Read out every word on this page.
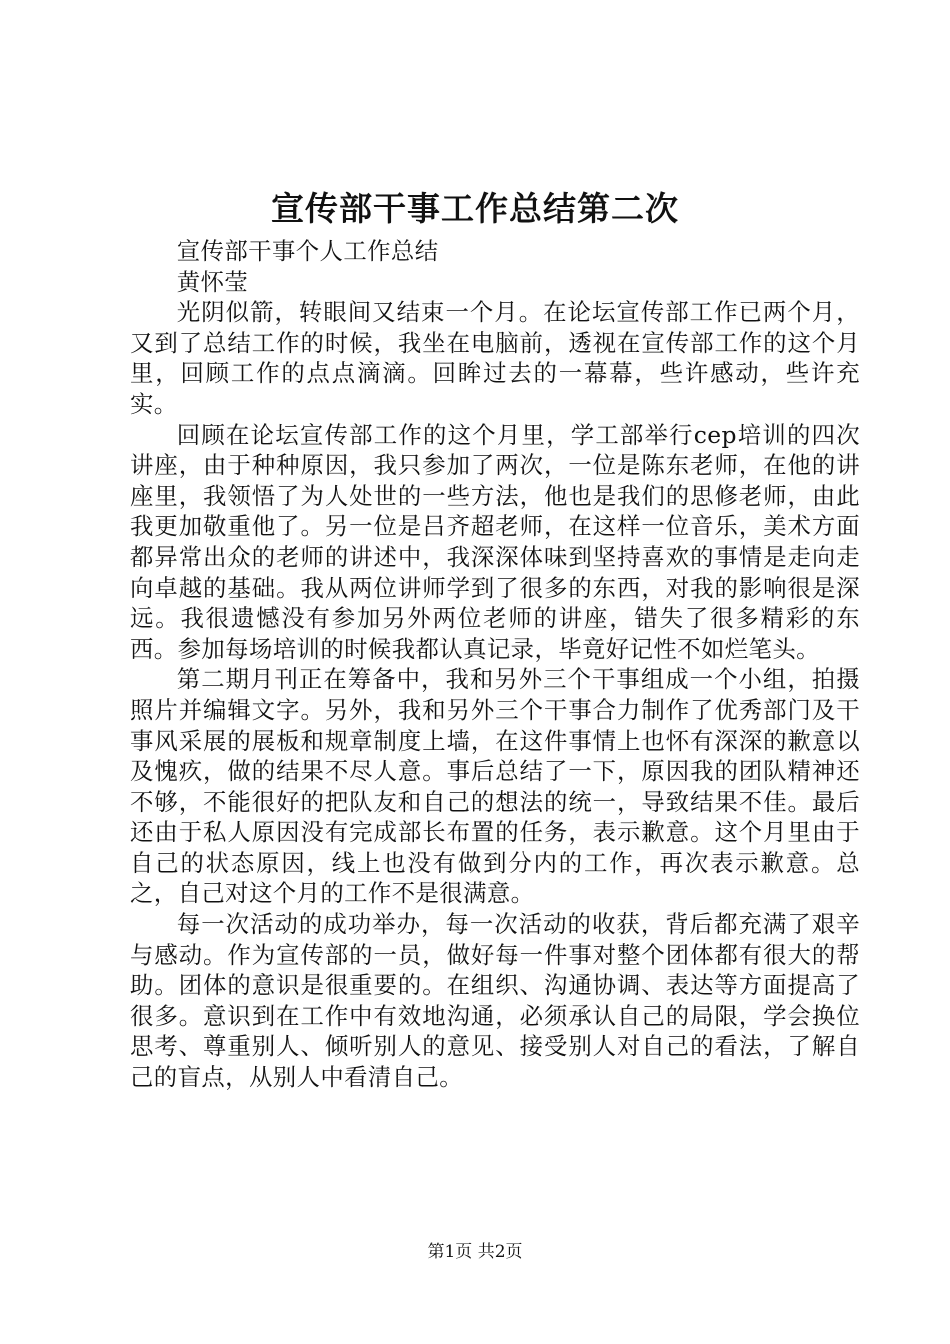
宣传部干事工作总结第二次

宣传部干事个人工作总结

黄怀莹

光阴似箭，转眼间又结束一个月。在论坛宣传部工作已两个月，又到了总结工作的时候，我坐在电脑前，透视在宣传部工作的这个月里，回顾工作的点点滴滴。回眸过去的一幕幕，些许感动，些许充实。

回顾在论坛宣传部工作的这个月里，学工部举行cep培训的四次讲座，由于种种原因，我只参加了两次，一位是陈东老师，在他的讲座里，我领悟了为人处世的一些方法，他也是我们的思修老师，由此我更加敬重他了。另一位是吕齐超老师，在这样一位音乐，美术方面都异常出众的老师的讲述中，我深深体味到坚持喜欢的事情是走向走向卓越的基础。我从两位讲师学到了很多的东西，对我的影响很是深远。我很遗憾没有参加另外两位老师的讲座，错失了很多精彩的东西。参加每场培训的时候我都认真记录，毕竟好记性不如烂笔头。

第二期月刊正在筹备中，我和另外三个干事组成一个小组，拍摄照片并编辑文字。另外，我和另外三个干事合力制作了优秀部门及干事风采展的展板和规章制度上墙，在这件事情上也怀有深深的歉意以及愧疚，做的结果不尽人意。事后总结了一下，原因我的团队精神还不够，不能很好的把队友和自己的想法的统一，导致结果不佳。最后还由于私人原因没有完成部长布置的任务，表示歉意。这个月里由于自己的状态原因，线上也没有做到分内的工作，再次表示歉意。总之，自己对这个月的工作不是很满意。

每一次活动的成功举办，每一次活动的收获，背后都充满了艰辛与感动。作为宣传部的一员，做好每一件事对整个团体都有很大的帮助。团体的意识是很重要的。在组织、沟通协调、表达等方面提高了很多。意识到在工作中有效地沟通，必须承认自己的局限，学会换位思考、尊重别人、倾听别人的意见、接受别人对自己的看法，了解自己的盲点，从别人中看清自己。

第1页 共2页
